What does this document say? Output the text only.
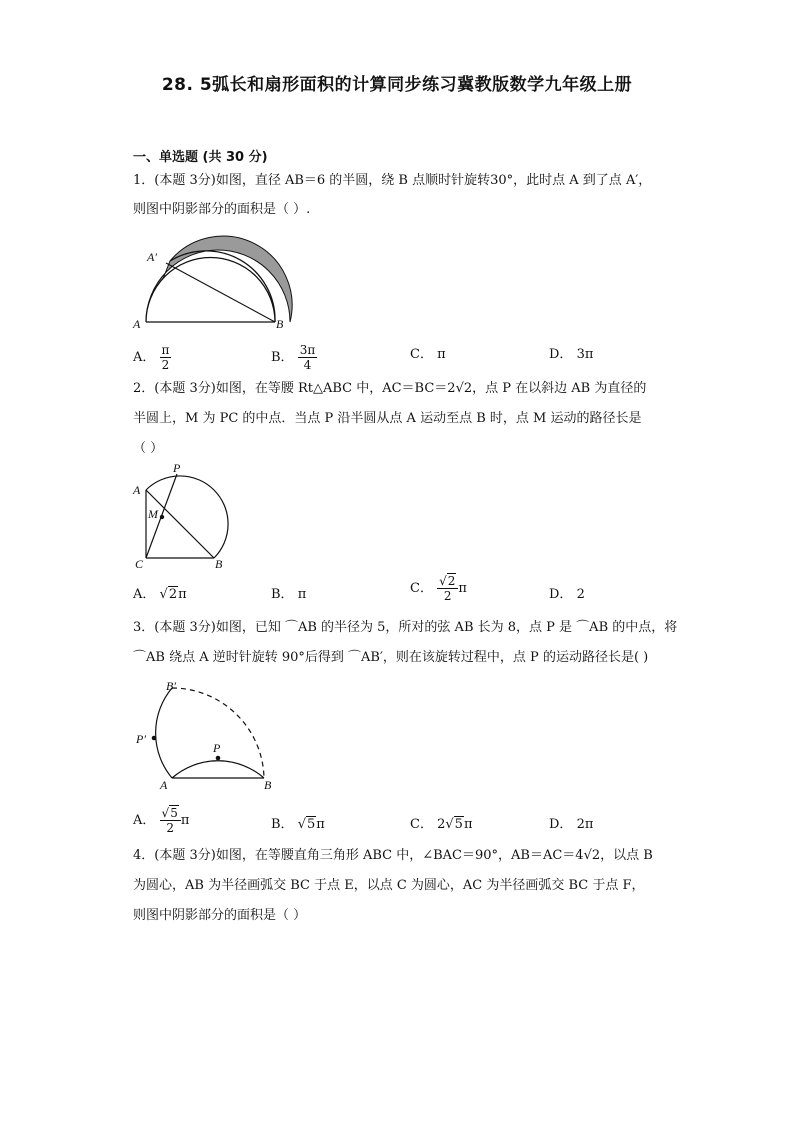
28. 5弧长和扇形面积的计算同步练习冀教版数学九年级上册
一、单选题 (共 30 分)
1．(本题 3分)如图，直径 AB＝6 的半圆，绕 B 点顺时针旋转30°，此时点 A 到了点 A′，
则图中阴影部分的面积是（ ）.
A	B
A′
A． $\frac{\pi}{2}$	B． $\frac{3\pi}{4}$	C． π	D． 3π
2．(本题 3分)如图，在等腰 Rt△ABC 中，AC＝BC＝2√2，点 P 在以斜边 AB 为直径的
半圆上，M 为 PC 的中点．当点 P 沿半圆从点 A 运动至点 B 时，点 M 运动的路径长是
（ ）
A
P
M
C	B
A． √2π	B． π	C． $\frac{√2}{2}$ π	D． 2
3．(本题 3分)如图，已知 ⌒AB 的半径为 5，所对的弦 AB 长为 8，点 P 是 ⌒AB 的中点，将
⌒AB 绕点 A 逆时针旋转 90°后得到 ⌒AB′，则在该旋转过程中，点 P 的运动路径长是( )
B′
P′
P
A	B
A． $\frac{√5}{2}$ π	B． √5π	C． 2√5π	D． 2π
4．(本题 3分)如图，在等腰直角三角形 ABC 中，∠BAC＝90°，AB＝AC＝4√2，以点 B
为圆心，AB 为半径画弧交 BC 于点 E，以点 C 为圆心，AC 为半径画弧交 BC 于点 F，
则图中阴影部分的面积是（ ）
